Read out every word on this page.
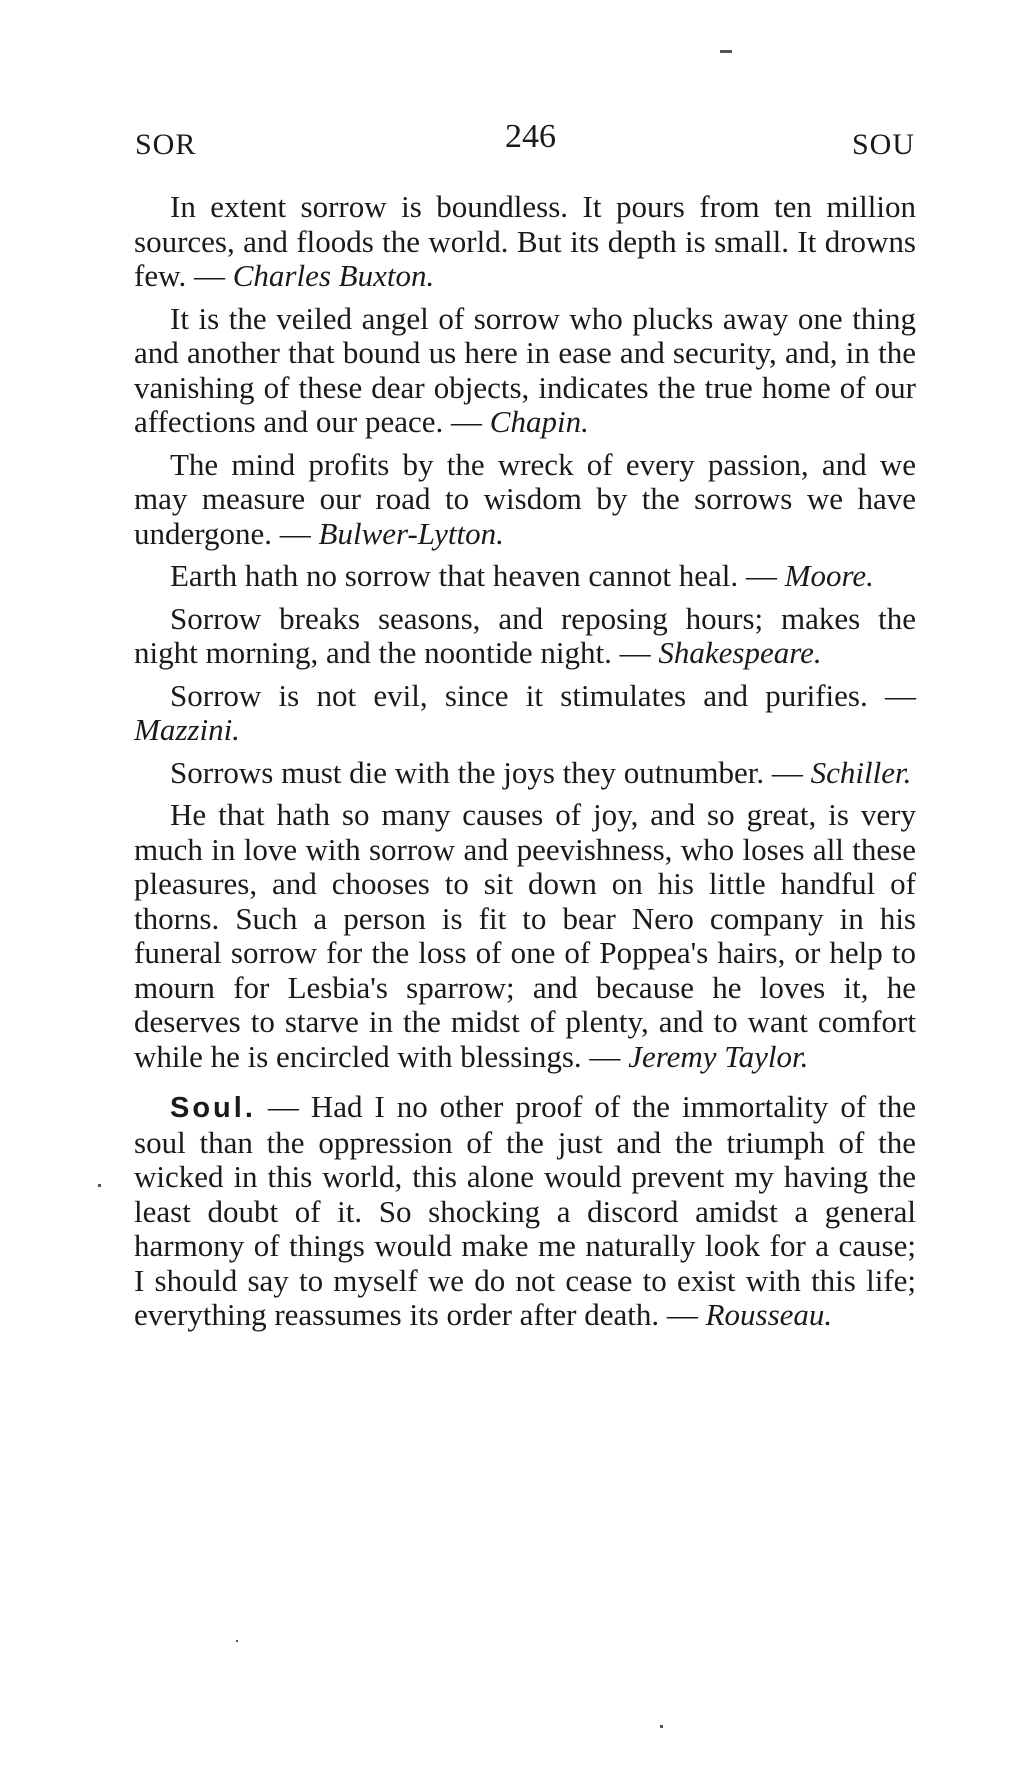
SOR	246	SOU

In extent sorrow is boundless. It pours from ten million sources, and floods the world. But its depth is small. It drowns few. — Charles Buxton.

It is the veiled angel of sorrow who plucks away one thing and another that bound us here in ease and security, and, in the vanishing of these dear objects, indicates the true home of our affections and our peace. — Chapin.

The mind profits by the wreck of every passion, and we may measure our road to wisdom by the sorrows we have undergone. — Bulwer-Lytton.

Earth hath no sorrow that heaven cannot heal. — Moore.

Sorrow breaks seasons, and reposing hours; makes the night morning, and the noontide night. — Shakespeare.

Sorrow is not evil, since it stimulates and purifies. — Mazzini.

Sorrows must die with the joys they outnumber. — Schiller.

He that hath so many causes of joy, and so great, is very much in love with sorrow and peevishness, who loses all these pleasures, and chooses to sit down on his little handful of thorns. Such a person is fit to bear Nero company in his funeral sorrow for the loss of one of Poppea's hairs, or help to mourn for Lesbia's sparrow; and because he loves it, he deserves to starve in the midst of plenty, and to want comfort while he is encircled with blessings. — Jeremy Taylor.

Soul. — Had I no other proof of the immortality of the soul than the oppression of the just and the triumph of the wicked in this world, this alone would prevent my having the least doubt of it. So shocking a discord amidst a general harmony of things would make me naturally look for a cause; I should say to myself we do not cease to exist with this life; everything reassumes its order after death. — Rousseau.
